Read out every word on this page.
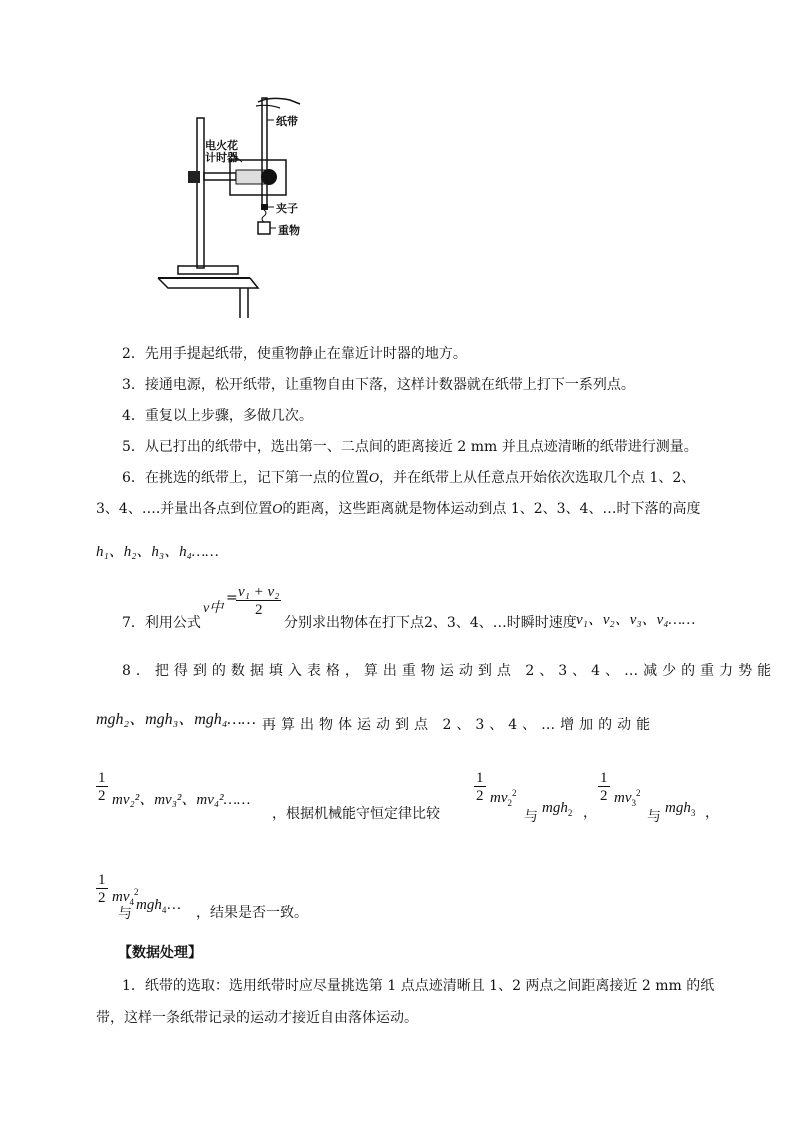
电火花
计时器
纸带
夹子
重物
2．先用手提起纸带，使重物静止在靠近计时器的地方。
3．接通电源，松开纸带，让重物自由下落，这样计数器就在纸带上打下一系列点。
4．重复以上步骤，多做几次。
5．从已打出的纸带中，选出第一、二点间的距离接近 2 mm 并且点迹清晰的纸带进行测量。
6．在挑选的纸带上，记下第一点的位置O，并在纸带上从任意点开始依次选取几个点 1、2、
3、4、….并量出各点到位置O的距离，这些距离就是物体运动到点 1、2、3、4、…时下落的高度
h₁、h₂、h₃、h₄……
7．利用公式
v中
=
$\frac{\text{v₁ + v₂}}{2}$
分别求出物体在打下点2、3、4、…时瞬时速度 v₁、v₂、v₃、v₄……
8．把得到的数据填入表格，算出重物运动到点 2、3、4、…减少的重力势能
mgh₂、mgh₃、mgh₄…… 再算出物体运动到点 2、3、4、…增加的动能
$\frac{1}{2} mv_2^2$、mv₃²、mv₄²……
，根据机械能守恒定律比较
$\frac{1}{2} mv_2^2$
与
mgh$_2$ ，
$\frac{1}{2} mv_3^2$
与
mgh$_3$ ，
$\frac{1}{2} mv_4^2$
与
mgh$_4$… ，结果是否一致。
【数据处理】
1．纸带的选取：选用纸带时应尽量挑选第 1 点点迹清晰且 1、2 两点之间距离接近 2 mm 的纸
带，这样一条纸带记录的运动才接近自由落体运动。
